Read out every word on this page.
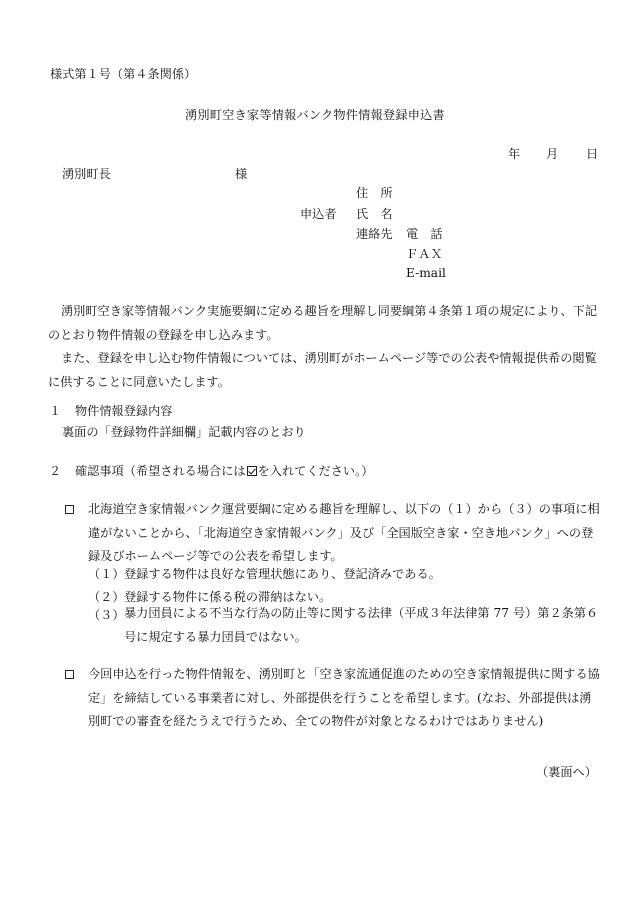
様式第１号（第４条関係）
湧別町空き家等情報バンク物件情報登録申込書
年 月 日
湧別町長	様
住　所
申込者 氏　名
連絡先 電　話
ＦＡＸ
E-mail
湧別町空き家等情報バンク実施要綱に定める趣旨を理解し同要綱第４条第１項の規定により、下記のとおり物件情報の登録を申し込みます。
また、登録を申し込む物件情報については、湧別町がホームページ等での公表や情報提供希の閲覧に供することに同意いたします。
１ 物件情報登録内容
裏面の「登録物件詳細欄」記載内容のとおり
２ 確認事項（希望される場合には を入れてください。）
北海道空き家情報バンク運営要綱に定める趣旨を理解し、以下の（１）から（３）の事項に相違がないことから、「北海道空き家情報バンク」及び「全国版空き家・空き地バンク」への登録及びホームページ等での公表を希望します。
（１） 登録する物件は良好な管理状態にあり、登記済みである。
（２） 登録する物件に係る税の滞納はない。
（３） 暴力団員による不当な行為の防止等に関する法律（平成３年法律第 77 号）第２条第６号に規定する暴力団員ではない。
今回申込を行った物件情報を、湧別町と「空き家流通促進のための空き家情報提供に関する協定」を締結している事業者に対し、外部提供を行うことを希望します。(なお、外部提供は湧別町での審査を経たうえで行うため、全ての物件が対象となるわけではありません)
（裏面へ）
